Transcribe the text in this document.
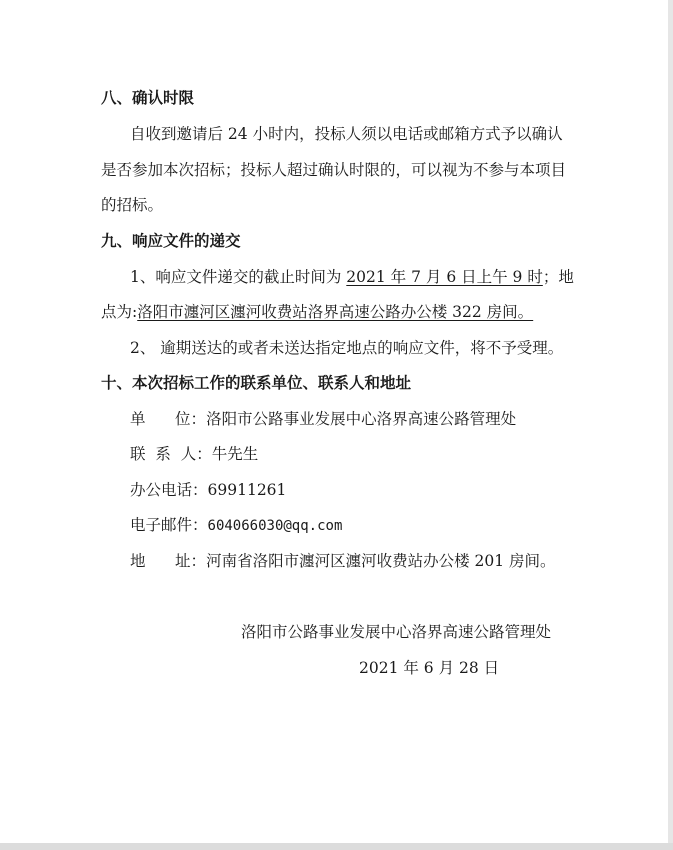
八、确认时限
自收到邀请后 24 小时内，投标人须以电话或邮箱方式予以确认
是否参加本次招标；投标人超过确认时限的，可以视为不参与本项目
的招标。
九、响应文件的递交
1、响应文件递交的截止时间为 2021 年 7 月 6 日上午 9 时；地
点为:洛阳市瀍河区瀍河收费站洛界高速公路办公楼 322 房间。
2、 逾期送达的或者未送达指定地点的响应文件，将不予受理。
十、本次招标工作的联系单位、联系人和地址
单      位：洛阳市公路事业发展中心洛界高速公路管理处
联  系  人：牛先生
办公电话：69911261
电子邮件：604066030@qq.com
地      址：河南省洛阳市瀍河区瀍河收费站办公楼 201 房间。
洛阳市公路事业发展中心洛界高速公路管理处
2021 年 6 月 28 日
